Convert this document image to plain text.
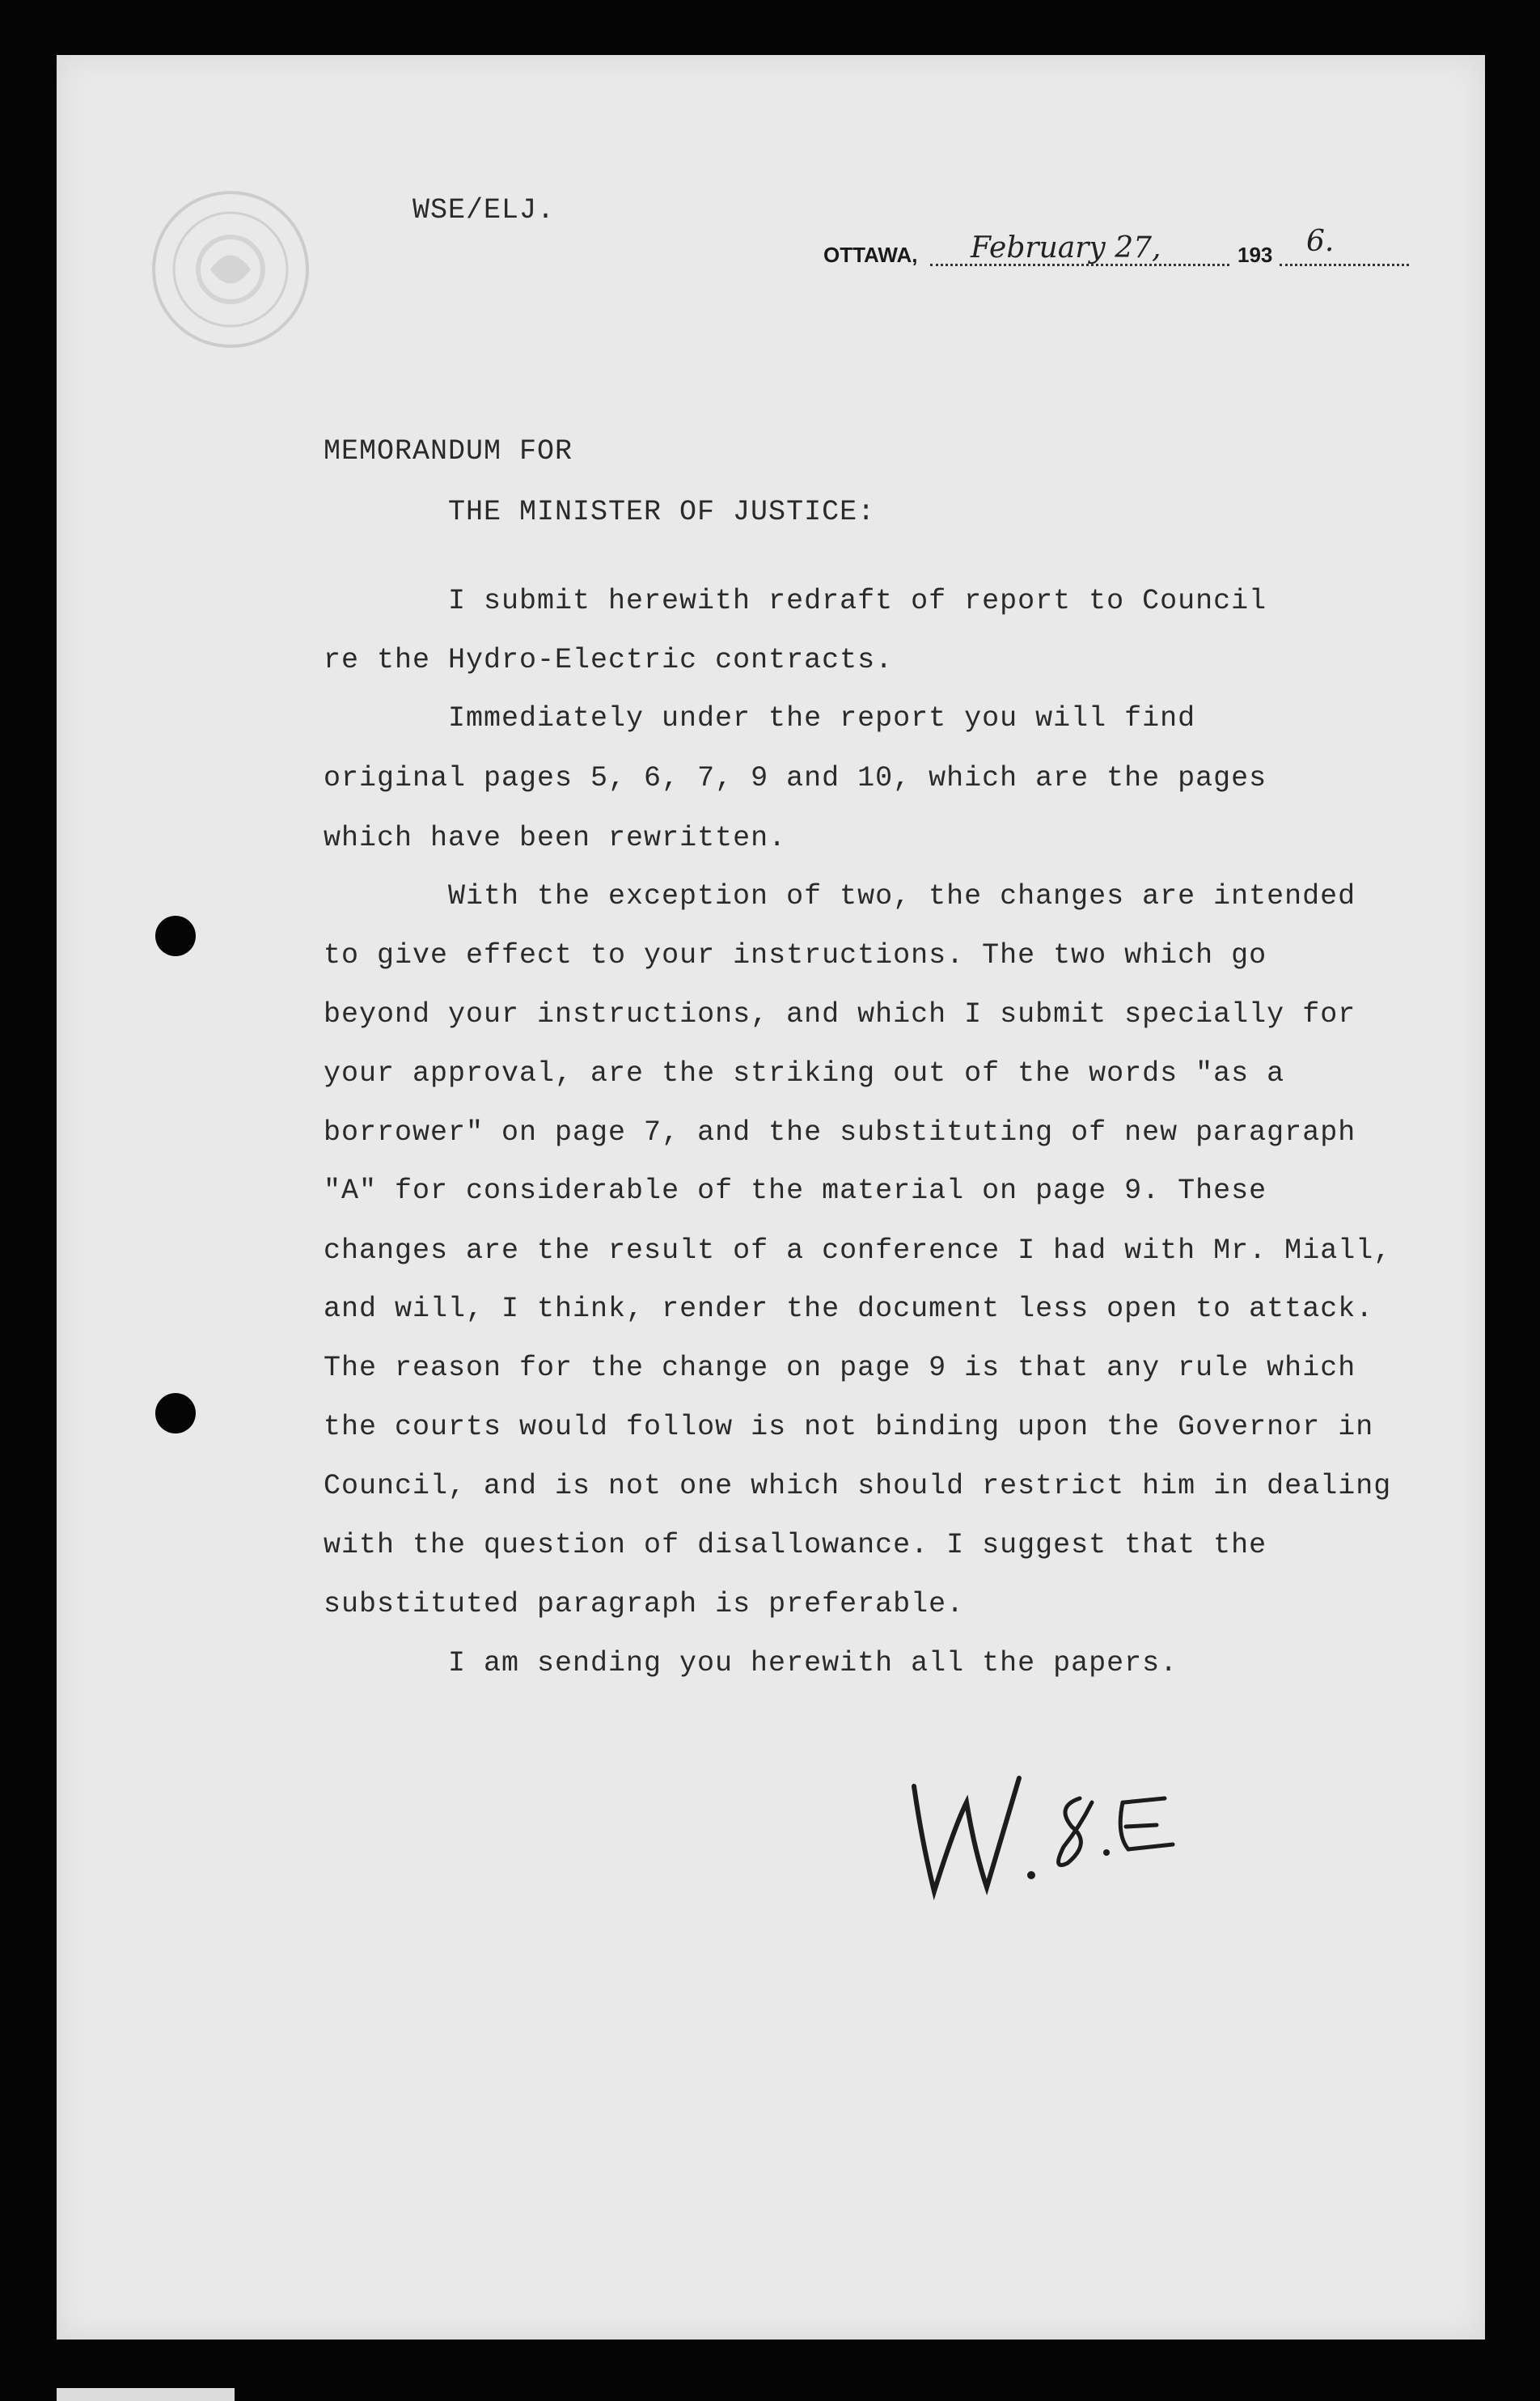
WSE/ELJ.
OTTAWA, February 27,	193 6.
MEMORANDUM FOR
THE MINISTER OF JUSTICE:
I submit herewith redraft of report to Council
re the Hydro-Electric contracts.
Immediately under the report you will find
original pages 5, 6, 7, 9 and 10, which are the pages
which have been rewritten.
With the exception of two, the changes are intended
to give effect to your instructions. The two which go
beyond your instructions, and which I submit specially for
your approval, are the striking out of the words "as a
borrower" on page 7, and the substituting of new paragraph
"A" for considerable of the material on page 9. These
changes are the result of a conference I had with Mr. Miall,
and will, I think, render the document less open to attack.
The reason for the change on page 9 is that any rule which
the courts would follow is not binding upon the Governor in
Council, and is not one which should restrict him in dealing
with the question of disallowance. I suggest that the
substituted paragraph is preferable.
I am sending you herewith all the papers.
